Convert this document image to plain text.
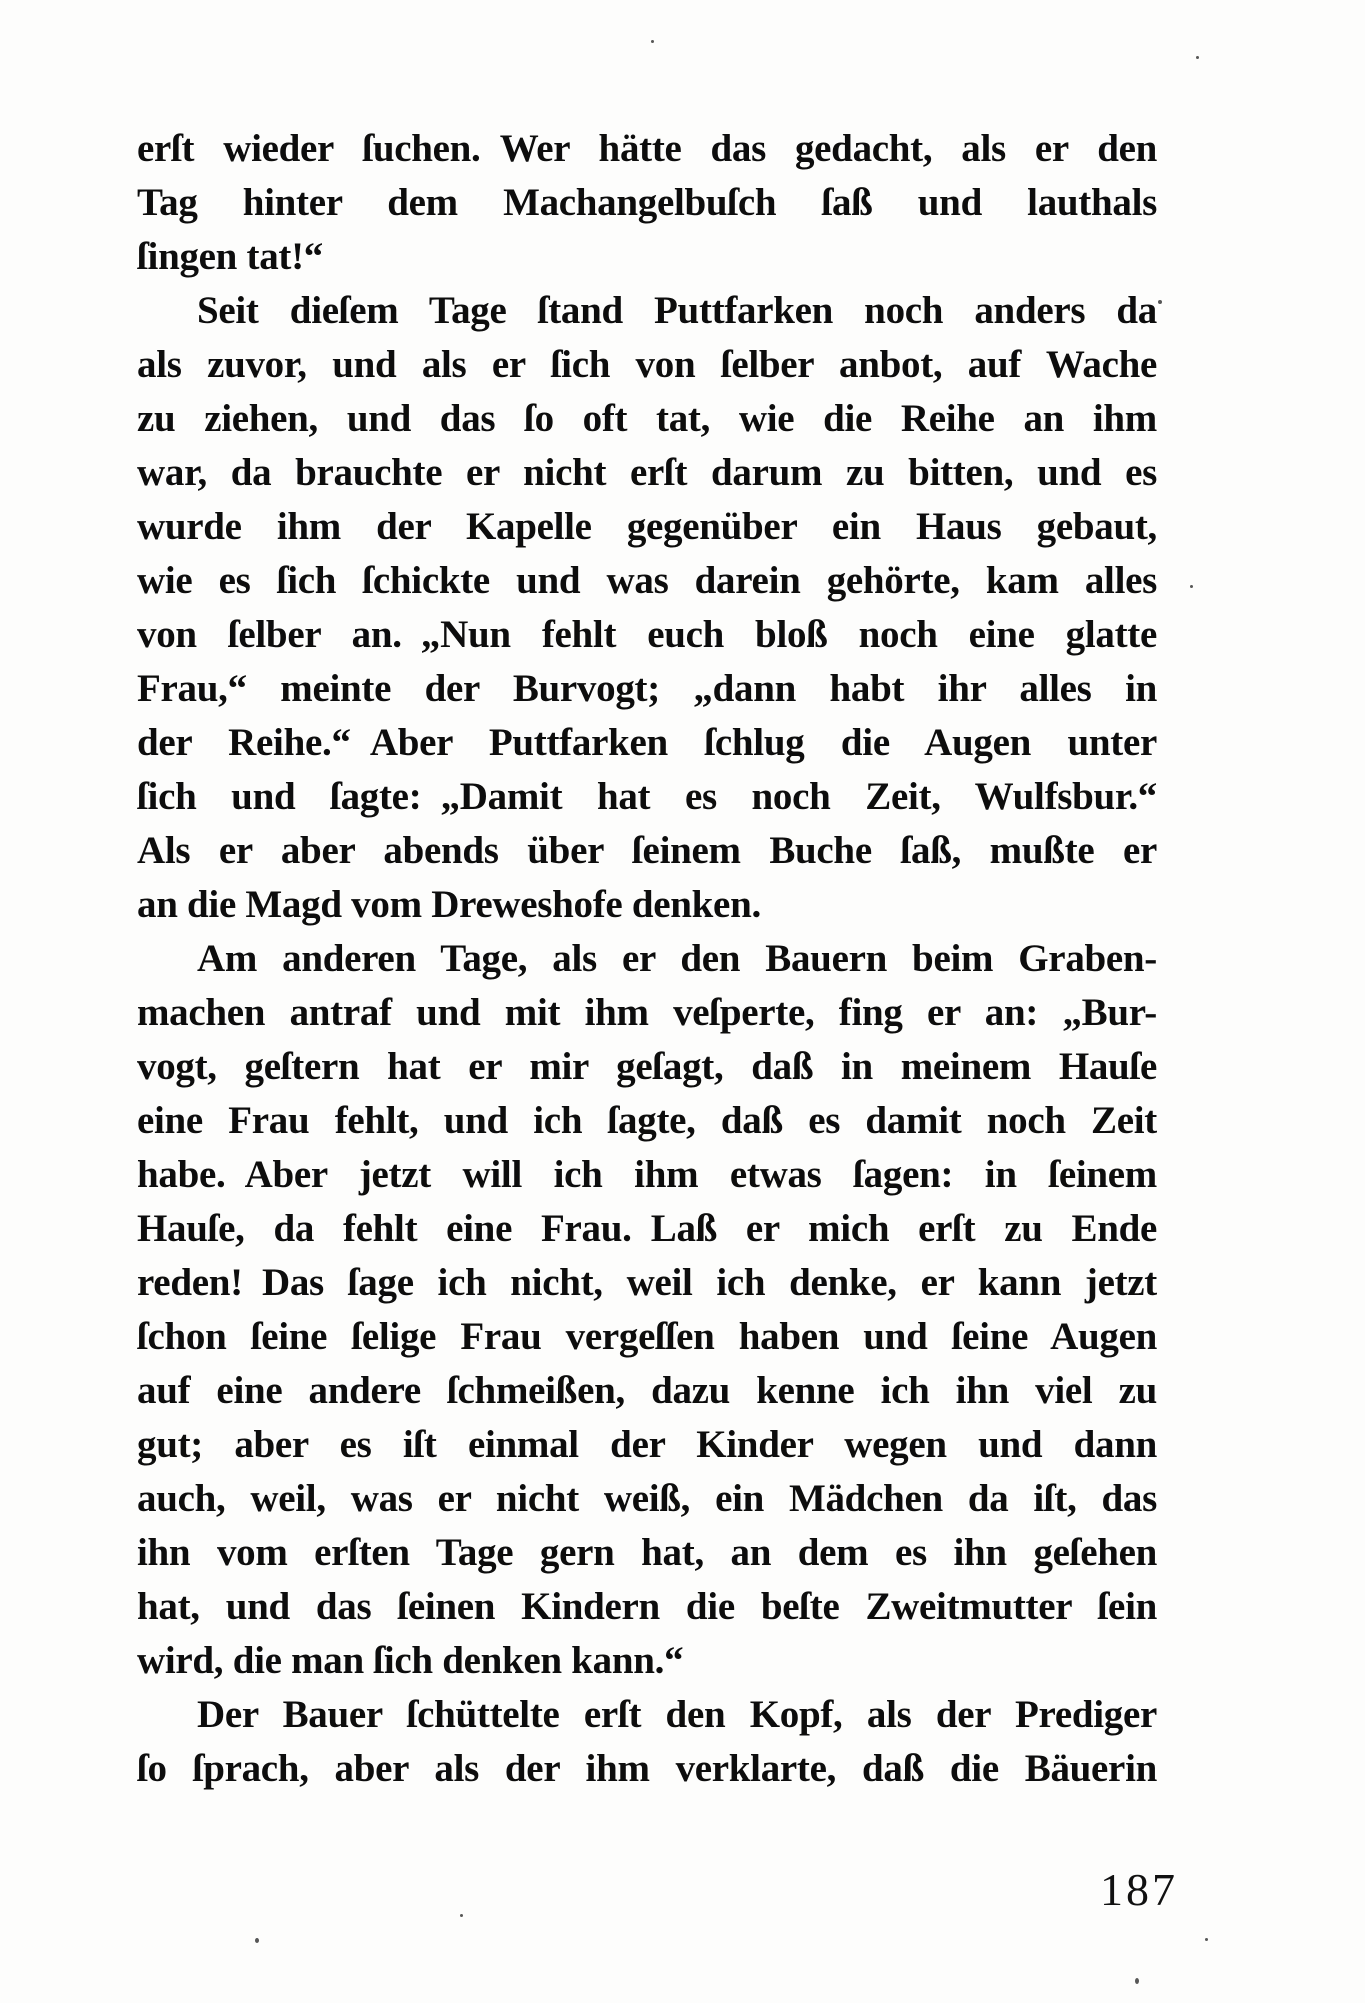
erſt wieder ſuchen. Wer hätte das gedacht, als er den
Tag hinter dem Machangelbuſch ſaß und lauthals
ſingen tat!“
Seit dieſem Tage ſtand Puttfarken noch anders da
als zuvor, und als er ſich von ſelber anbot, auf Wache
zu ziehen, und das ſo oft tat, wie die Reihe an ihm
war, da brauchte er nicht erſt darum zu bitten, und es
wurde ihm der Kapelle gegenüber ein Haus gebaut,
wie es ſich ſchickte und was darein gehörte, kam alles
von ſelber an. „Nun fehlt euch bloß noch eine glatte
Frau,“ meinte der Burvogt; „dann habt ihr alles in
der Reihe.“ Aber Puttfarken ſchlug die Augen unter
ſich und ſagte: „Damit hat es noch Zeit, Wulfsbur.“
Als er aber abends über ſeinem Buche ſaß, mußte er
an die Magd vom Dreweshofe denken.
Am anderen Tage, als er den Bauern beim Graben-
machen antraf und mit ihm veſperte, fing er an: „Bur-
vogt, geſtern hat er mir geſagt, daß in meinem Hauſe
eine Frau fehlt, und ich ſagte, daß es damit noch Zeit
habe. Aber jetzt will ich ihm etwas ſagen: in ſeinem
Hauſe, da fehlt eine Frau. Laß er mich erſt zu Ende
reden! Das ſage ich nicht, weil ich denke, er kann jetzt
ſchon ſeine ſelige Frau vergeſſen haben und ſeine Augen
auf eine andere ſchmeißen, dazu kenne ich ihn viel zu
gut; aber es iſt einmal der Kinder wegen und dann
auch, weil, was er nicht weiß, ein Mädchen da iſt, das
ihn vom erſten Tage gern hat, an dem es ihn geſehen
hat, und das ſeinen Kindern die beſte Zweitmutter ſein
wird, die man ſich denken kann.“
Der Bauer ſchüttelte erſt den Kopf, als der Prediger
ſo ſprach, aber als der ihm verklarte, daß die Bäuerin
187
